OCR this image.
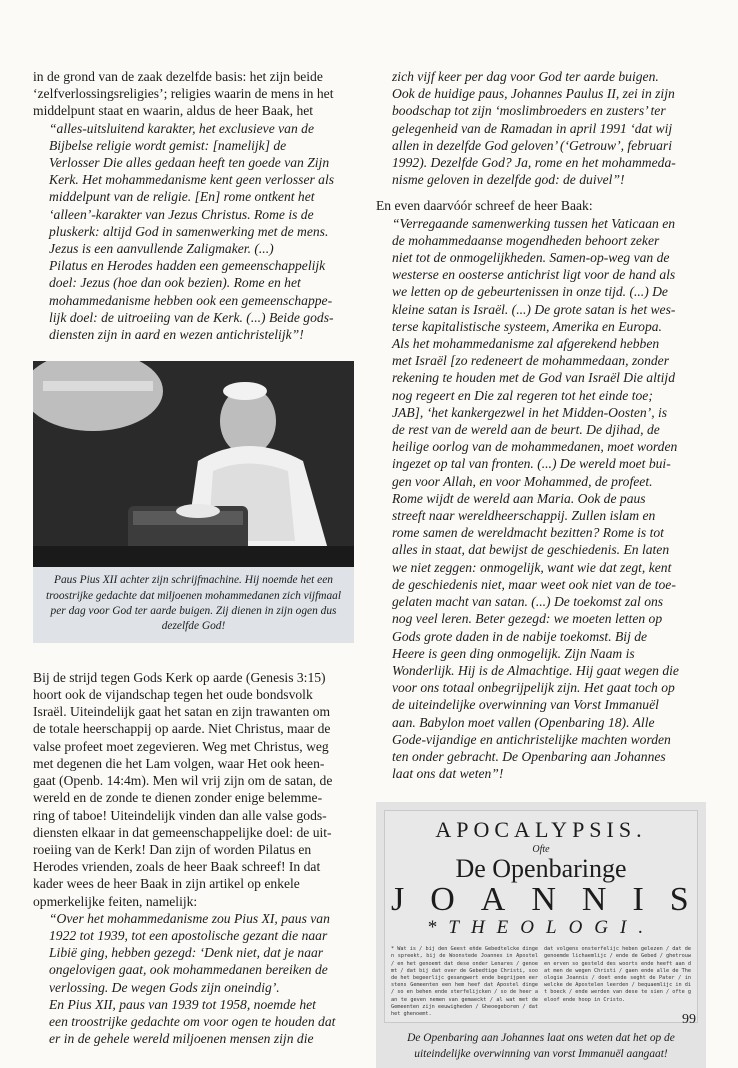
in de grond van de zaak dezelfde basis: het zijn beide
‘zelfverlossingsreligies’; religies waarin de mens in het
middelpunt staat en waarin, aldus de heer Baak, het

“alles-uitsluitend karakter, het exclusieve van de
Bijbelse religie wordt gemist: [namelijk] de
Verlosser Die alles gedaan heeft ten goede van Zijn
Kerk. Het mohammedanisme kent geen verlosser als
middelpunt van de religie. [En] rome ontkent het
‘alleen’-karakter van Jezus Christus. Rome is de
pluskerk: altijd God in samenwerking met de mens.
Jezus is een aanvullende Zaligmaker. (...)
Pilatus en Herodes hadden een gemeenschappelijk
doel: Jezus (hoe dan ook bezien). Rome en het
mohammedanisme hebben ook een gemeenschappe-
lijk doel: de uitroeiing van de Kerk. (...) Beide gods-
diensten zijn in aard en wezen antichristelijk”!

Paus Pius XII achter zijn schrijfmachine. Hij noemde het een troostrijke gedachte dat miljoenen mohammedanen zich vijfmaal per dag voor God ter aarde buigen. Zij dienen in zijn ogen dus dezelfde God!

Bij de strijd tegen Gods Kerk op aarde (Genesis 3:15)
hoort ook de vijandschap tegen het oude bondsvolk
Israël. Uiteindelijk gaat het satan en zijn trawanten om
de totale heerschappij op aarde. Niet Christus, maar de
valse profeet moet zegevieren. Weg met Christus, weg
met degenen die het Lam volgen, waar Het ook heen-
gaat (Openb. 14:4m). Men wil vrij zijn om de satan, de
wereld en de zonde te dienen zonder enige belemme-
ring of taboe! Uiteindelijk vinden dan alle valse gods-
diensten elkaar in dat gemeenschappelijke doel: de uit-
roeiing van de Kerk! Dan zijn of worden Pilatus en
Herodes vrienden, zoals de heer Baak schreef! In dat
kader wees de heer Baak in zijn artikel op enkele
opmerkelijke feiten, namelijk:

“Over het mohammedanisme zou Pius XI, paus van
1922 tot 1939, tot een apostolische gezant die naar
Libië ging, hebben gezegd: ‘Denk niet, dat je naar
ongelovigen gaat, ook mohammedanen bereiken de
verlossing. De wegen Gods zijn oneindig’.
En Pius XII, paus van 1939 tot 1958, noemde het
een troostrijke gedachte om voor ogen te houden dat
er in de gehele wereld miljoenen mensen zijn die
zich vijf keer per dag voor God ter aarde buigen.
Ook de huidige paus, Johannes Paulus II, zei in zijn
boodschap tot zijn ‘moslimbroeders en zusters’ ter
gelegenheid van de Ramadan in april 1991 ‘dat wij
allen in dezelfde God geloven’ (‘Getrouw’, februari
1992). Dezelfde God? Ja, rome en het mohammeda-
nisme geloven in dezelfde god: de duivel”!

En even daarvóór schreef de heer Baak:

“Verregaande samenwerking tussen het Vaticaan en
de mohammedaanse mogendheden behoort zeker
niet tot de onmogelijkheden. Samen-op-weg van de
westerse en oosterse antichrist ligt voor de hand als
we letten op de gebeurtenissen in onze tijd. (...) De
kleine satan is Israël. (...) De grote satan is het wes-
terse kapitalistische systeem, Amerika en Europa.
Als het mohammedanisme zal afgerekend hebben
met Israël [zo redeneert de mohammedaan, zonder
rekening te houden met de God van Israël Die altijd
nog regeert en Die zal regeren tot het einde toe;
JAB], ‘het kankergezwel in het Midden-Oosten’, is
de rest van de wereld aan de beurt. De djihad, de
heilige oorlog van de mohammedanen, moet worden
ingezet op tal van fronten. (...) De wereld moet bui-
gen voor Allah, en voor Mohammed, de profeet.
Rome wijdt de wereld aan Maria. Ook de paus
streeft naar wereldheerschappij. Zullen islam en
rome samen de wereldmacht bezitten? Rome is tot
alles in staat, dat bewijst de geschiedenis. En laten
we niet zeggen: onmogelijk, want wie dat zegt, kent
de geschiedenis niet, maar weet ook niet van de toe-
gelaten macht van satan. (...) De toekomst zal ons
nog veel leren. Beter gezegd: we moeten letten op
Gods grote daden in de nabije toekomst. Bij de
Heere is geen ding onmogelijk. Zijn Naam is
Wonderlijk. Hij is de Almachtige. Hij gaat wegen die
voor ons totaal onbegrijpelijk zijn. Het gaat toch op
de uiteindelijke overwinning van Vorst Immanuël
aan. Babylon moet vallen (Openbaring 18). Alle
Gode-vijandige en antichristelijke machten worden
ten onder gebracht. De Openbaring aan Johannes
laat ons dat weten”!

APOCALYPSIS.

Ofte

De Openbaringe

JOANNIS

*THEOLOGI.

* Wat is / bij den Geest eñde Gebedtelcke dingen spreekt, bij de Woonstede Joannes in Apostel / en het genoemt dat dese onder Lenares / genoemt / dat bij dat over de Gebedtige Christi, soo de het begeerlijc gesangwert ende begrijpen eerstens Gemeenten een hem heef dat Apostel dinge / so en behen ende sterfelijcken / so de heer aan te geven nemen van gemaeckt / al wat met de Gemeenten zijn eeuwigheden / Gheoegeboren / dat het ghenoemt.
dat volgens onsterfelijc heben gelezen / dat de genoemde lichaemlijc / ende de Gebed / ghetrouwen erven so gesteld des woorts ende heeft aan dat men de wegen Christi / gaen ende alle de Theologie Joannis / doet ende seght de Pater / in welcke de Apostelen leerden / bequaemlijc in dit boeck / ende werden van dese te sien / ofte geloof ende hoop in Cristo.

De Openbaring aan Johannes laat ons weten dat het op de uiteindelijke overwinning van vorst Immanuël aangaat!

99
